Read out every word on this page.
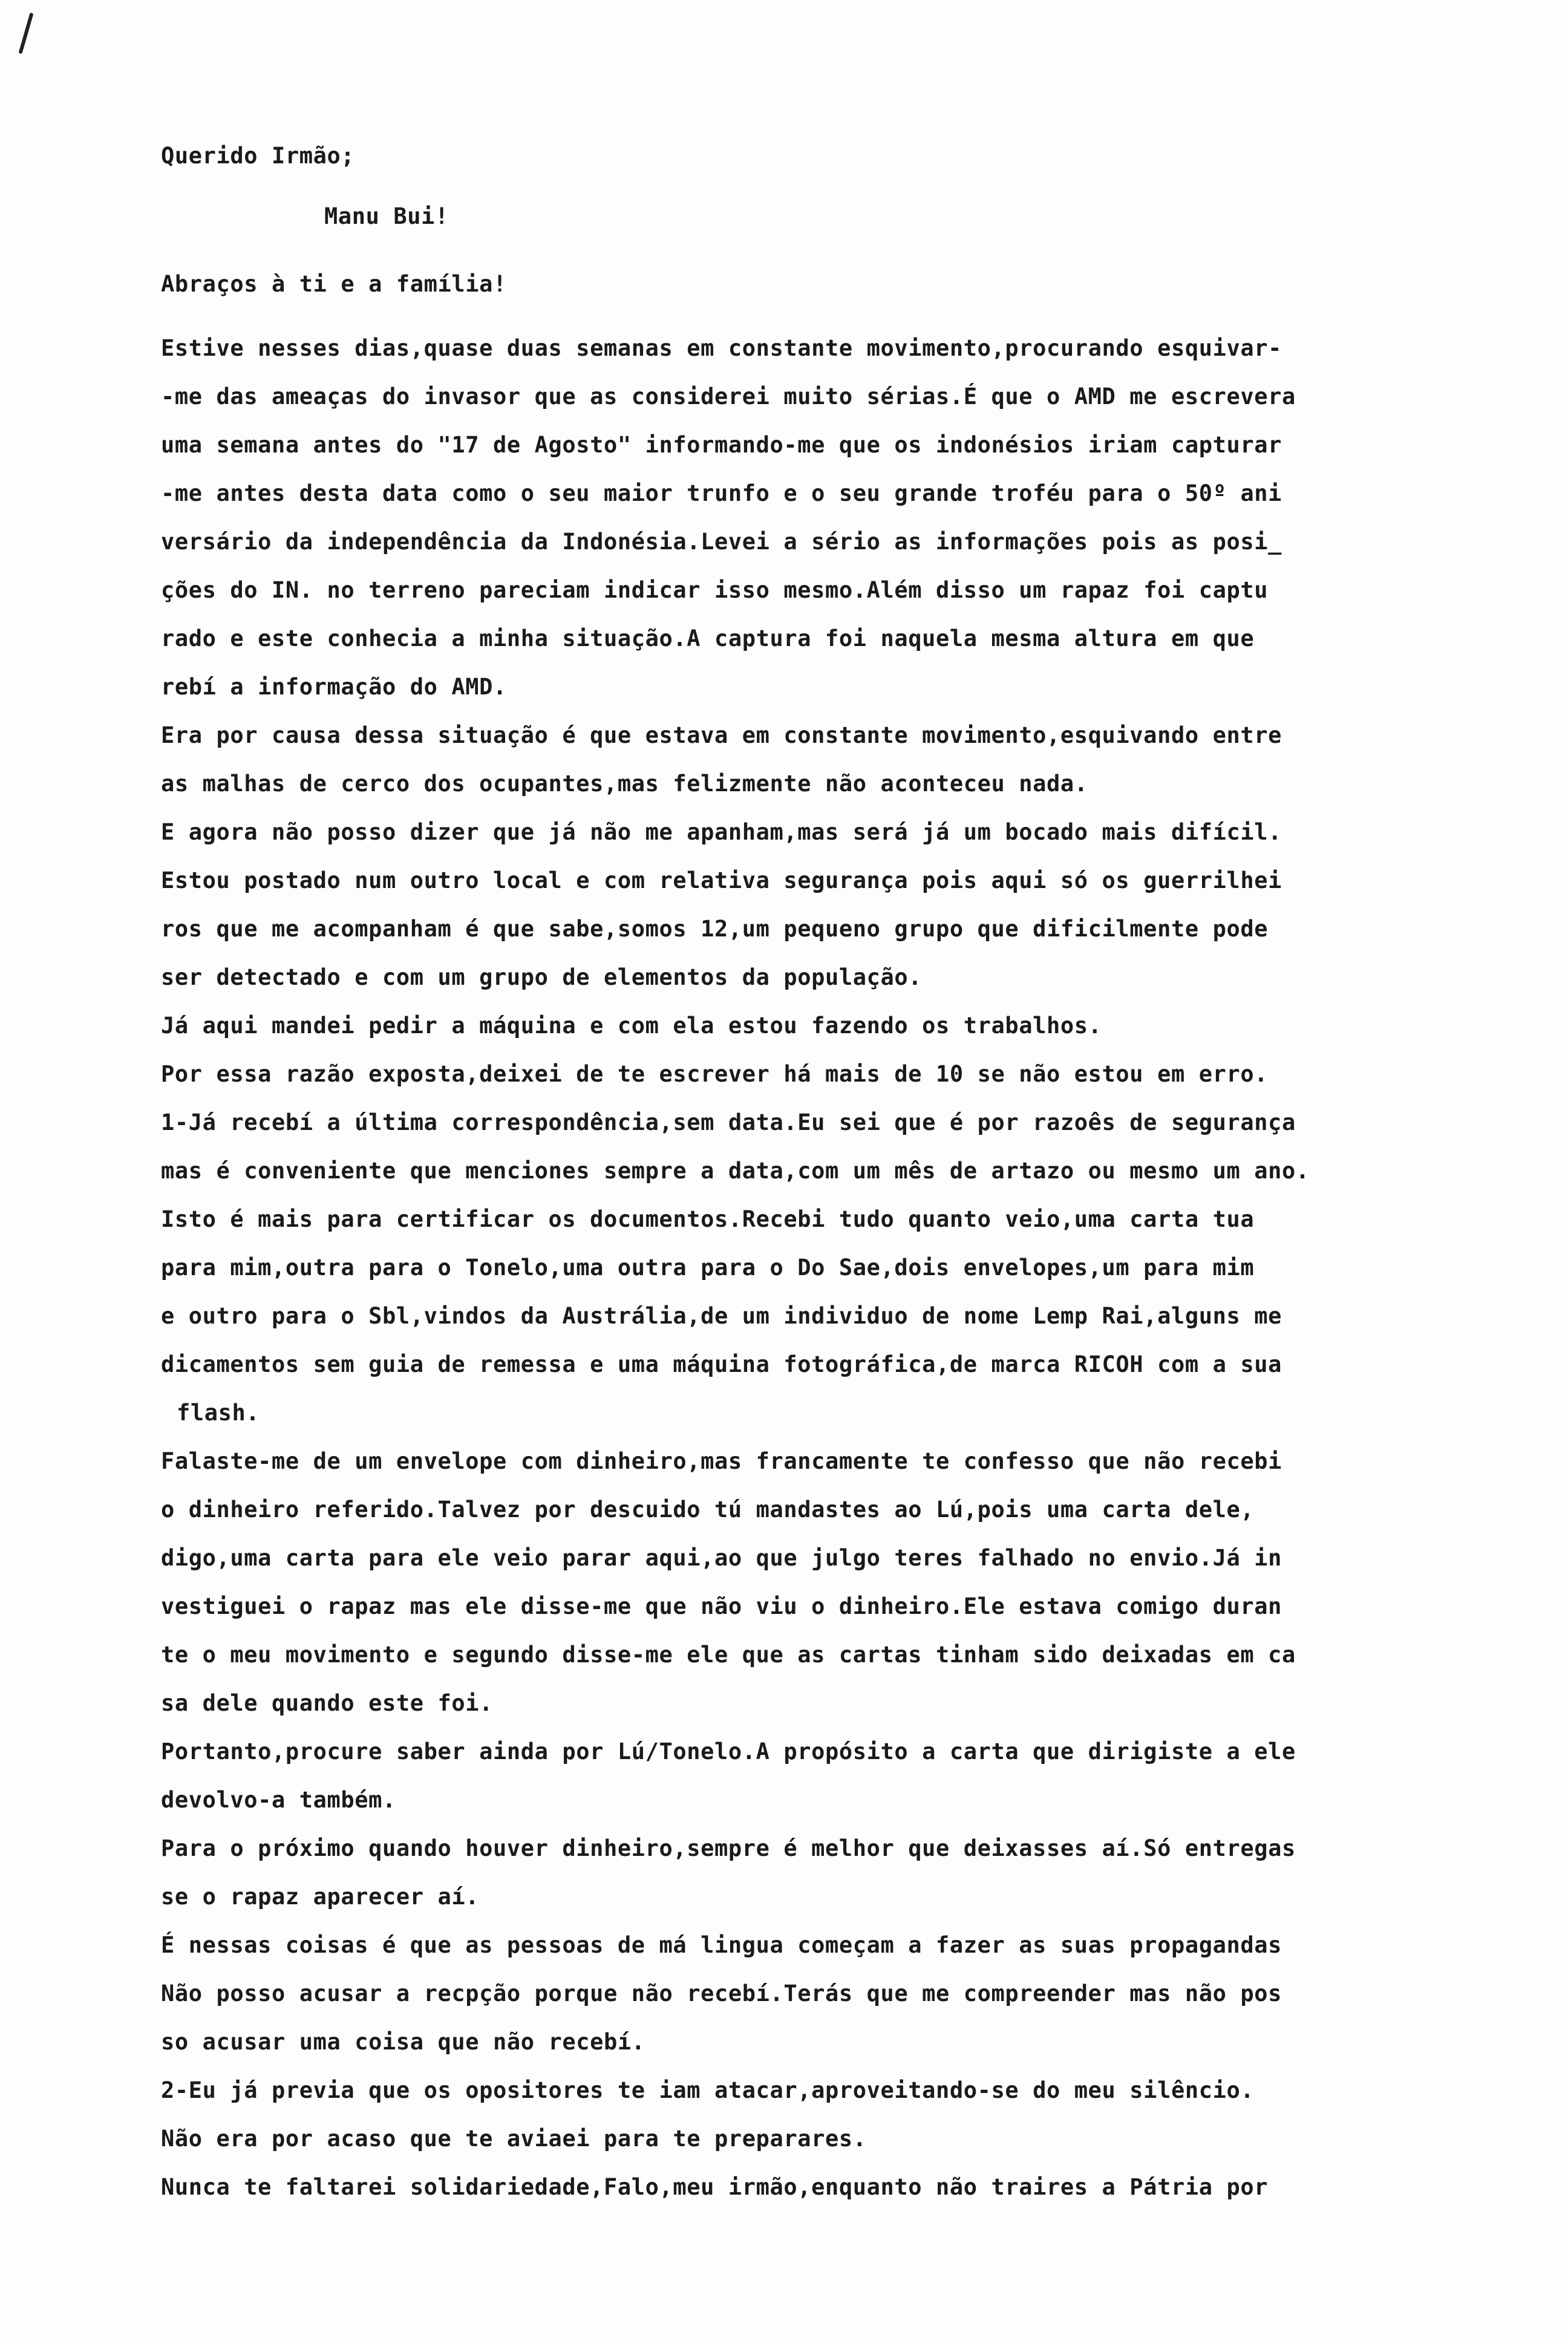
Querido Irmão;
Manu Bui!
Abraços à ti e a família!
Estive nesses dias,quase duas semanas em constante movimento,procurando esquivar-
-me das ameaças do invasor que as considerei muito sérias.É que o AMD me escrevera
uma semana antes do "17 de Agosto" informando-me que os indonésios iriam capturar
-me antes desta data como o seu maior trunfo e o seu grande troféu para o 50º ani
versário da independência da Indonésia.Levei a sério as informações pois as posi_
ções do IN. no terreno pareciam indicar isso mesmo.Além disso um rapaz foi captu
rado e este conhecia a minha situação.A captura foi naquela mesma altura em que
rebí a informação do AMD.
Era por causa dessa situação é que estava em constante movimento,esquivando entre
as malhas de cerco dos ocupantes,mas felizmente não aconteceu nada.
E agora não posso dizer que já não me apanham,mas será já um bocado mais difícil.
Estou postado num outro local e com relativa segurança pois aqui só os guerrilhei
ros que me acompanham é que sabe,somos 12,um pequeno grupo que dificilmente pode
ser detectado e com um grupo de elementos da população.
Já aqui mandei pedir a máquina e com ela estou fazendo os trabalhos.
Por essa razão exposta,deixei de te escrever há mais de 10 se não estou em erro.
1-Já recebí a última correspondência,sem data.Eu sei que é por razoês de segurança
mas é conveniente que menciones sempre a data,com um mês de artazo ou mesmo um ano.
Isto é mais para certificar os documentos.Recebi tudo quanto veio,uma carta tua
para mim,outra para o Tonelo,uma outra para o Do Sae,dois envelopes,um para mim
e outro para o Sbl,vindos da Austrália,de um individuo de nome Lemp Rai,alguns me
dicamentos sem guia de remessa e uma máquina fotográfica,de marca RICOH com a sua
flash.
Falaste-me de um envelope com dinheiro,mas francamente te confesso que não recebi
o dinheiro referido.Talvez por descuido tú mandastes ao Lú,pois uma carta dele,
digo,uma carta para ele veio parar aqui,ao que julgo teres falhado no envio.Já in
vestiguei o rapaz mas ele disse-me que não viu o dinheiro.Ele estava comigo duran
te o meu movimento e segundo disse-me ele que as cartas tinham sido deixadas em ca
sa dele quando este foi.
Portanto,procure saber ainda por Lú/Tonelo.A propósito a carta que dirigiste a ele
devolvo-a também.
Para o próximo quando houver dinheiro,sempre é melhor que deixasses aí.Só entregas
se o rapaz aparecer aí.
É nessas coisas é que as pessoas de má lingua começam a fazer as suas propagandas
Não posso acusar a recpção porque não recebí.Terás que me compreender mas não pos
so acusar uma coisa que não recebí.
2-Eu já previa que os opositores te iam atacar,aproveitando-se do meu silêncio.
Não era por acaso que te aviaei para te preparares.
Nunca te faltarei solidariedade,Falo,meu irmão,enquanto não traires a Pátria por
